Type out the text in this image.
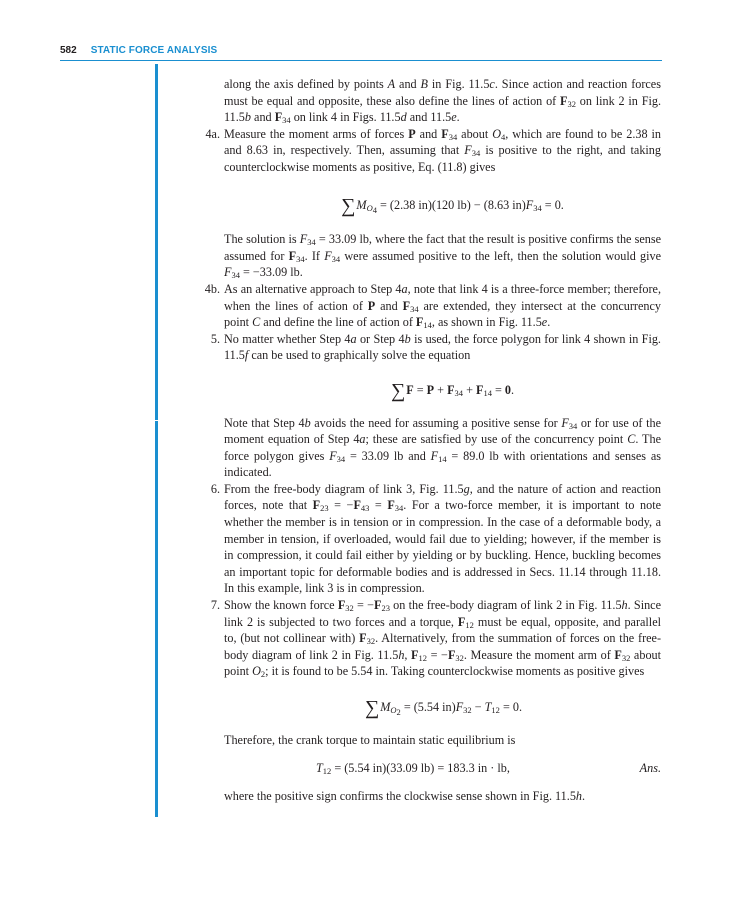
582 STATIC FORCE ANALYSIS

along the axis defined by points A and B in Fig. 11.5c. Since action and reaction forces must be equal and opposite, these also define the lines of action of $F_{32}$ on link 2 in Fig. 11.5b and $F_{34}$ on link 4 in Figs. 11.5d and 11.5e.

4a. Measure the moment arms of forces P and $F_{34}$ about $O_4$, which are found to be 2.38 in and 8.63 in, respectively. Then, assuming that $F_{34}$ is positive to the right, and taking counterclockwise moments as positive, Eq. (11.8) gives

$\sum M_{O_4} = (2.38$ in)(120 lb) − (8.63 $in)F_{34} = 0$.

The solution is $F_{34} = 33.09$ lb, where the fact that the result is positive confirms the sense assumed for $F_{34}$. If $F_{34}$ were assumed positive to the left, then the solution would give $F_{34} = -33.09$ lb.

4b. As an alternative approach to Step 4a, note that link 4 is a three-force member; therefore, when the lines of action of P and $F_{34}$ are extended, they intersect at the concurrency point C and define the line of action of $F_{14}$, as shown in Fig. 11.5e.

5. No matter whether Step 4a or Step 4b is used, the force polygon for link 4 shown in Fig. 11.5f can be used to graphically solve the equation

$\sum F = P + F_{34} + F_{14} = 0$.

Note that Step 4b avoids the need for assuming a positive sense for $F_{34}$ or for use of the moment equation of Step 4a; these are satisfied by use of the concurrency point C. The force polygon gives $F_{34} = 33.09$ lb and $F_{14} = 89.0$ lb with orientations and senses as indicated.

6. From the free-body diagram of link 3, Fig. 11.5g, and the nature of action and reaction forces, note that $F_{23} = -F_{43} = F_{34}$. For a two-force member, it is important to note whether the member is in tension or in compression. In the case of a deformable body, a member in tension, if overloaded, would fail due to yielding; however, if the member is in compression, it could fail either by yielding or by buckling. Hence, buckling becomes an important topic for deformable bodies and is addressed in Secs. 11.14 through 11.18. In this example, link 3 is in compression.

7. Show the known force $F_{32} = -F_{23}$ on the free-body diagram of link 2 in Fig. 11.5h. Since link 2 is subjected to two forces and a torque, $F_{12}$ must be equal, opposite, and parallel to, (but not collinear with) $F_{32}$. Alternatively, from the summation of forces on the free-body diagram of link 2 in Fig. 11.5h, $F_{12} = -F_{32}$. Measure the moment arm of $F_{32}$ about point $O_2$; it is found to be 5.54 in. Taking counterclockwise moments as positive gives

$\sum M_{O_2} = (5.54$ $in)F_{32} - T_{12} = 0$.

Therefore, the crank torque to maintain static equilibrium is

$T_{12} = (5.54$ in)(33.09 lb) = 183.3 in · lb,	Ans.

where the positive sign confirms the clockwise sense shown in Fig. 11.5h.
